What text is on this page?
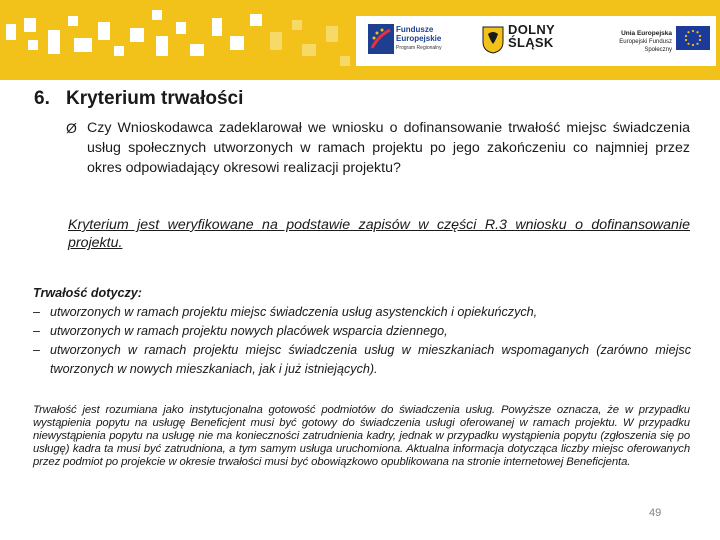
Fundusze
Europejskie
Program Regionalny
DOLNY
ŚLĄSK
Unia Europejska
Europejski Fundusz Społeczny
6. Kryterium trwałości
Ø Czy Wnioskodawca zadeklarował we wniosku o dofinansowanie trwałość miejsc świadczenia usług społecznych utworzonych w ramach projektu po jego zakończeniu co najmniej przez okres odpowiadający okresowi realizacji projektu?
Kryterium jest weryfikowane na podstawie zapisów w części R.3 wniosku o dofinansowanie projektu.
Trwałość dotyczy:
– utworzonych w ramach projektu miejsc świadczenia usług asystenckich i opiekuńczych,
– utworzonych w ramach projektu nowych placówek wsparcia dziennego,
– utworzonych w ramach projektu miejsc świadczenia usług w mieszkaniach wspomaganych (zarówno miejsc tworzonych w nowych mieszkaniach, jak i już istniejących).
Trwałość jest rozumiana jako instytucjonalna gotowość podmiotów do świadczenia usług. Powyższe oznacza, że w przypadku wystąpienia popytu na usługę Beneficjent musi być gotowy do świadczenia usługi oferowanej w ramach projektu. W przypadku niewystąpienia popytu na usługę nie ma konieczności zatrudnienia kadry, jednak w przypadku wystąpienia popytu (zgłoszenia się po usługę) kadra ta musi być zatrudniona, a tym samym usługa uruchomiona. Aktualna informacja dotycząca liczby miejsc oferowanych przez podmiot po projekcie w okresie trwałości musi być obowiązkowo opublikowana na stronie internetowej Beneficjenta.
49
